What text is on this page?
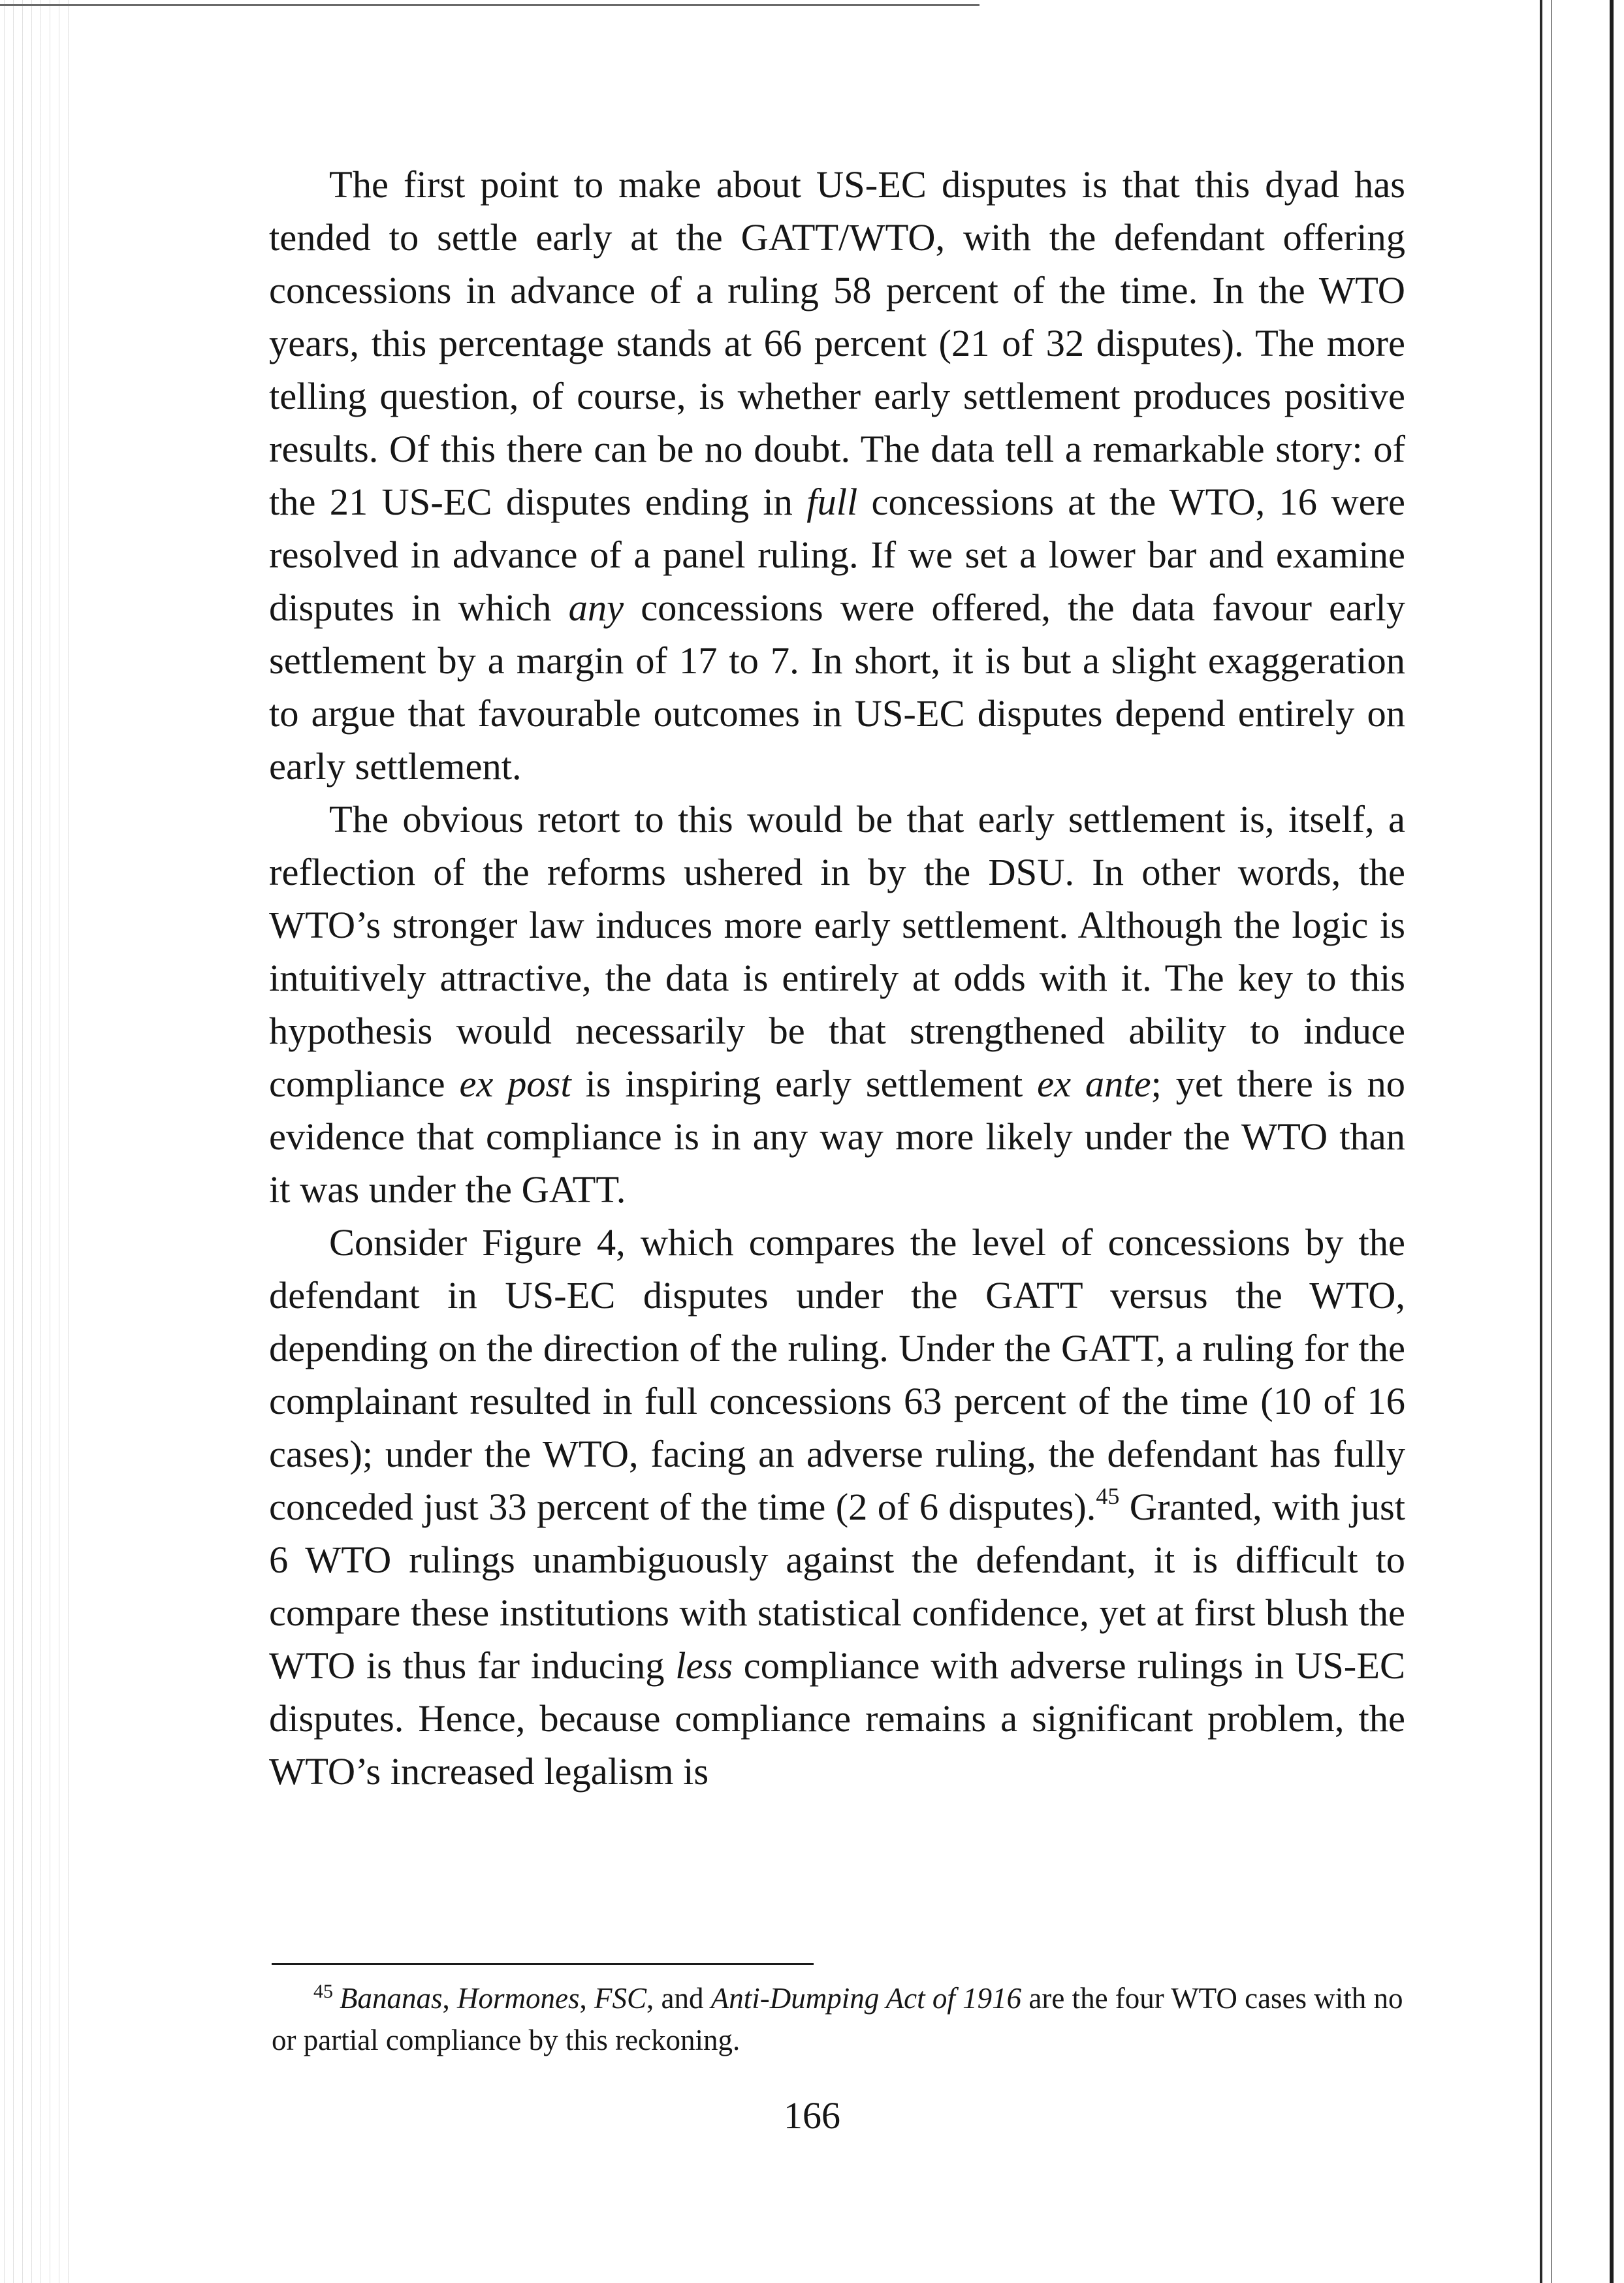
The first point to make about US-EC disputes is that this dyad has tended to settle early at the GATT/WTO, with the defendant offering concessions in advance of a ruling 58 percent of the time. In the WTO years, this percentage stands at 66 percent (21 of 32 disputes). The more telling question, of course, is whether early settlement produces positive results. Of this there can be no doubt. The data tell a remarkable story: of the 21 US-EC disputes ending in full concessions at the WTO, 16 were resolved in advance of a panel ruling. If we set a lower bar and examine disputes in which any concessions were offered, the data favour early settlement by a margin of 17 to 7. In short, it is but a slight exaggeration to argue that favourable outcomes in US-EC disputes depend entirely on early settlement.

The obvious retort to this would be that early settlement is, itself, a reflection of the reforms ushered in by the DSU. In other words, the WTO’s stronger law induces more early settlement. Although the logic is intuitively attractive, the data is entirely at odds with it. The key to this hypothesis would necessarily be that strengthened ability to induce compliance ex post is inspiring early settlement ex ante; yet there is no evidence that compliance is in any way more likely under the WTO than it was under the GATT.

Consider Figure 4, which compares the level of concessions by the defendant in US-EC disputes under the GATT versus the WTO, depending on the direction of the ruling. Under the GATT, a ruling for the complainant resulted in full concessions 63 percent of the time (10 of 16 cases); under the WTO, facing an adverse ruling, the defendant has fully conceded just 33 percent of the time (2 of 6 disputes).$^{45}$ Granted, with just 6 WTO rulings unambiguously against the defendant, it is difficult to compare these institutions with statistical confidence, yet at first blush the WTO is thus far inducing less compliance with adverse rulings in US-EC disputes. Hence, because compliance remains a significant problem, the WTO’s increased legalism is

$^{45}$ Bananas, Hormones, FSC, and Anti-Dumping Act of 1916 are the four WTO cases with no or partial compliance by this reckoning.

166
